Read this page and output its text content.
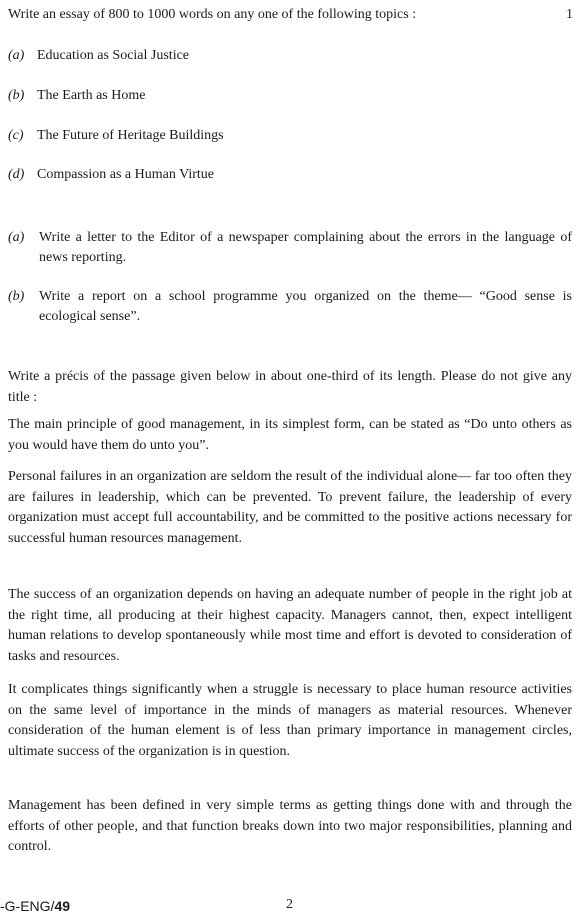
Write an essay of 800 to 1000 words on any one of the following topics :	1
(a) Education as Social Justice
(b) The Earth as Home
(c) The Future of Heritage Buildings
(d) Compassion as a Human Virtue
(a)	Write a letter to the Editor of a newspaper complaining about the errors in the language of news reporting.
(b)	Write a report on a school programme you organized on the theme— “Good sense is ecological sense”.

Write a précis of the passage given below in about one-third of its length. Please do not give any title :

The main principle of good management, in its simplest form, can be stated as “Do unto others as you would have them do unto you”.

Personal failures in an organization are seldom the result of the individual alone— far too often they are failures in leadership, which can be prevented. To prevent failure, the leadership of every organization must accept full accountability, and be committed to the positive actions necessary for successful human resources management.

The success of an organization depends on having an adequate number of people in the right job at the right time, all producing at their highest capacity. Managers cannot, then, expect intelligent human relations to develop spontaneously while most time and effort is devoted to consideration of tasks and resources.

It complicates things significantly when a struggle is necessary to place human resource activities on the same level of importance in the minds of managers as material resources. Whenever consideration of the human element is of less than primary importance in management circles, ultimate success of the organization is in question.

Management has been defined in very simple terms as getting things done with and through the efforts of other people, and that function breaks down into two major responsibilities, planning and control.

-G-ENG/49	2
